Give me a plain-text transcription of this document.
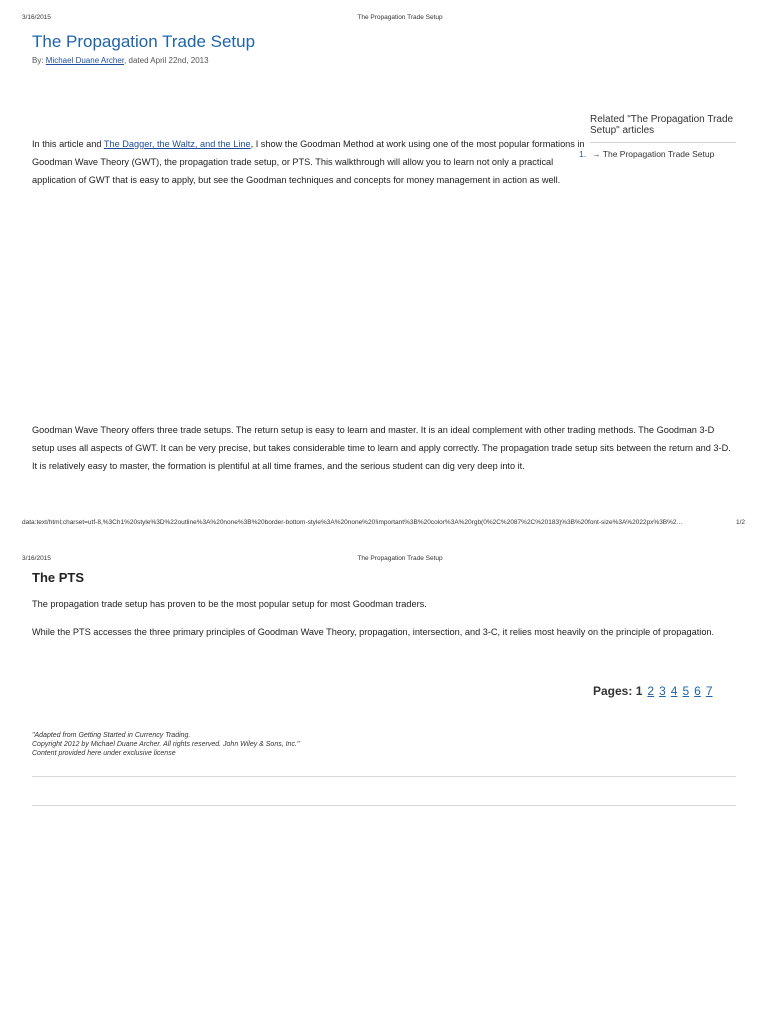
3/16/2015	The Propagation Trade Setup
The Propagation Trade Setup
By: Michael Duane Archer, dated April 22nd, 2013

In this article and The Dagger, the Waltz, and the Line, I show the Goodman Method at work using one of the most popular formations in Goodman Wave Theory (GWT), the propagation trade setup, or PTS. This walkthrough will allow you to learn not only a practical application of GWT that is easy to apply, but see the Goodman techniques and concepts for money management in action as well.

Related "The Propagation Trade Setup" articles
1. → The Propagation Trade Setup

Goodman Wave Theory offers three trade setups. The return setup is easy to learn and master. It is an ideal complement with other trading methods. The Goodman 3-D setup uses all aspects of GWT. It can be very precise, but takes considerable time to learn and apply correctly. The propagation trade setup sits between the return and 3-D. It is relatively easy to master, the formation is plentiful at all time frames, and the serious student can dig very deep into it.

data:text/html;charset=utf-8,%3Ch1%20style%3D%22outline%3A%20none%3B%20border-bottom-style%3A%20none%20!important%3B%20color%3A%20rgb(0%2C%2087%2C%20183)%3B%20font-size%3A%2022px%3B%2…	1/2
3/16/2015	The Propagation Trade Setup
The PTS

The propagation trade setup has proven to be the most popular setup for most Goodman traders.

While the PTS accesses the three primary principles of Goodman Wave Theory, propagation, intersection, and 3-C, it relies most heavily on the principle of propagation.

Pages: 1 2 3 4 5 6 7
"Adapted from Getting Started in Currency Trading.
Copyright 2012 by Michael Duane Archer. All rights reserved. John Wiley & Sons, Inc."
Content provided here under exclusive license
